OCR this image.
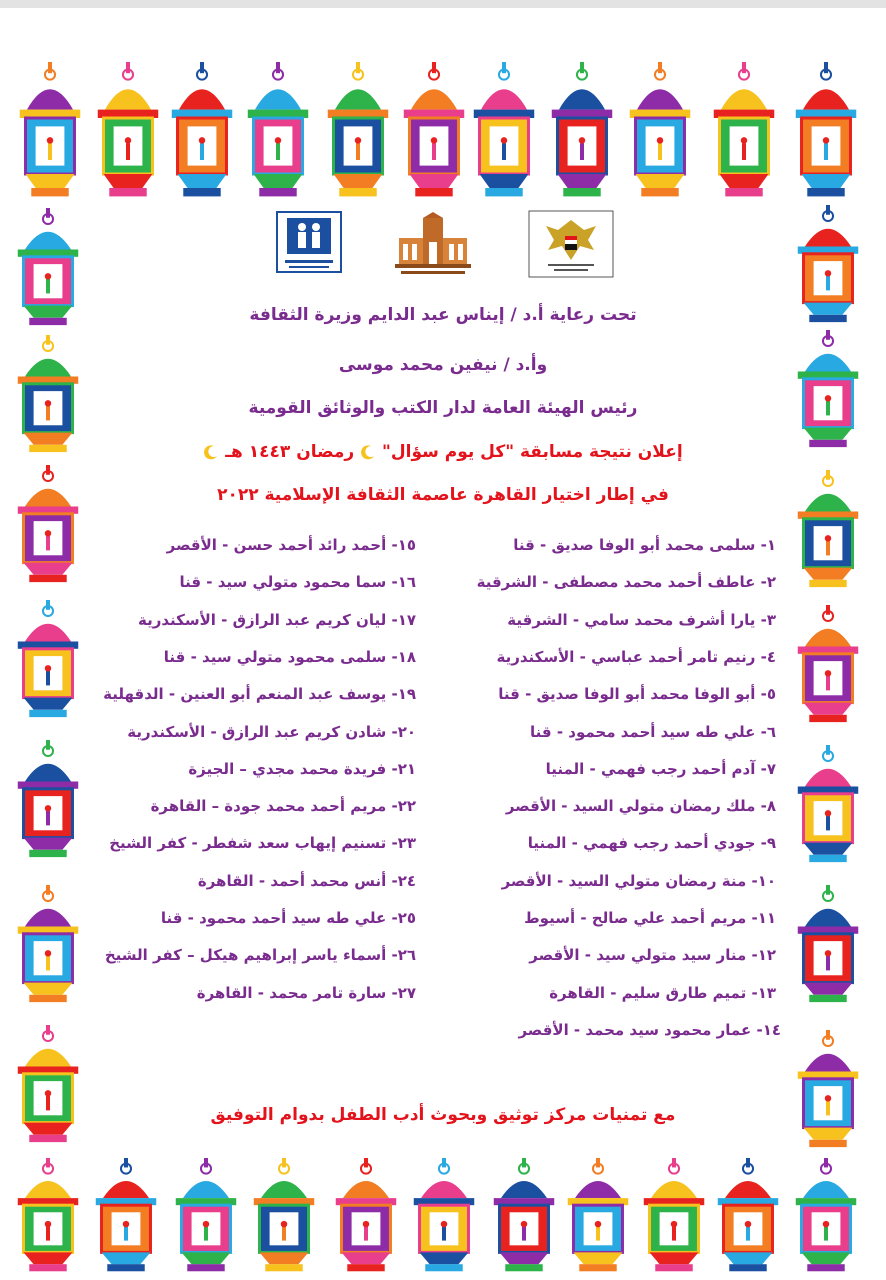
تحت رعاية أ.د / إيناس عبد الدايم وزيرة الثقافة
وأ.د / نيفين محمد موسى
رئيس الهيئة العامة لدار الكتب والوثائق القومية
إعلان نتيجة مسابقة "كل يوم سؤال"  رمضان ١٤٤٣ هـ
في إطار اختيار القاهرة عاصمة الثقافة الإسلامية ٢٠٢٢
١- سلمى محمد أبو الوفا صديق - قنا
٢- عاطف أحمد محمد مصطفى - الشرقية
٣- يارا أشرف محمد سامي - الشرقية
٤- رنيم تامر أحمد عباسي - الأسكندرية
٥- أبو الوفا محمد أبو الوفا صديق - قنا
٦- علي طه سيد أحمد محمود - قنا
٧- آدم أحمد رجب فهمي - المنيا
٨- ملك رمضان متولي السيد - الأقصر
٩- جودي أحمد رجب فهمي - المنيا
١٠- منة رمضان متولي السيد - الأقصر
١١- مريم أحمد علي صالح - أسيوط
١٢- منار سيد متولي سيد - الأقصر
١٣- تميم طارق سليم - القاهرة
١٤- عمار محمود سيد محمد - الأقصر
١٥- أحمد رائد أحمد حسن - الأقصر
١٦- سما محمود متولي سيد - قنا
١٧- ليان كريم عبد الرازق - الأسكندرية
١٨- سلمى محمود متولي سيد - قنا
١٩- يوسف عبد المنعم أبو العنين - الدقهلية
٢٠- شادن كريم عبد الرازق - الأسكندرية
٢١- فريدة محمد مجدي – الجيزة
٢٢- مريم أحمد محمد جودة – القاهرة
٢٣- تسنيم إيهاب سعد شفطر - كفر الشيخ
٢٤- أنس محمد أحمد - القاهرة
٢٥- علي طه سيد أحمد محمود - قنا
٢٦- أسماء ياسر إبراهيم هيكل – كفر الشيخ
٢٧- سارة تامر محمد - القاهرة
مع تمنيات مركز توثيق وبحوث أدب الطفل بدوام التوفيق
